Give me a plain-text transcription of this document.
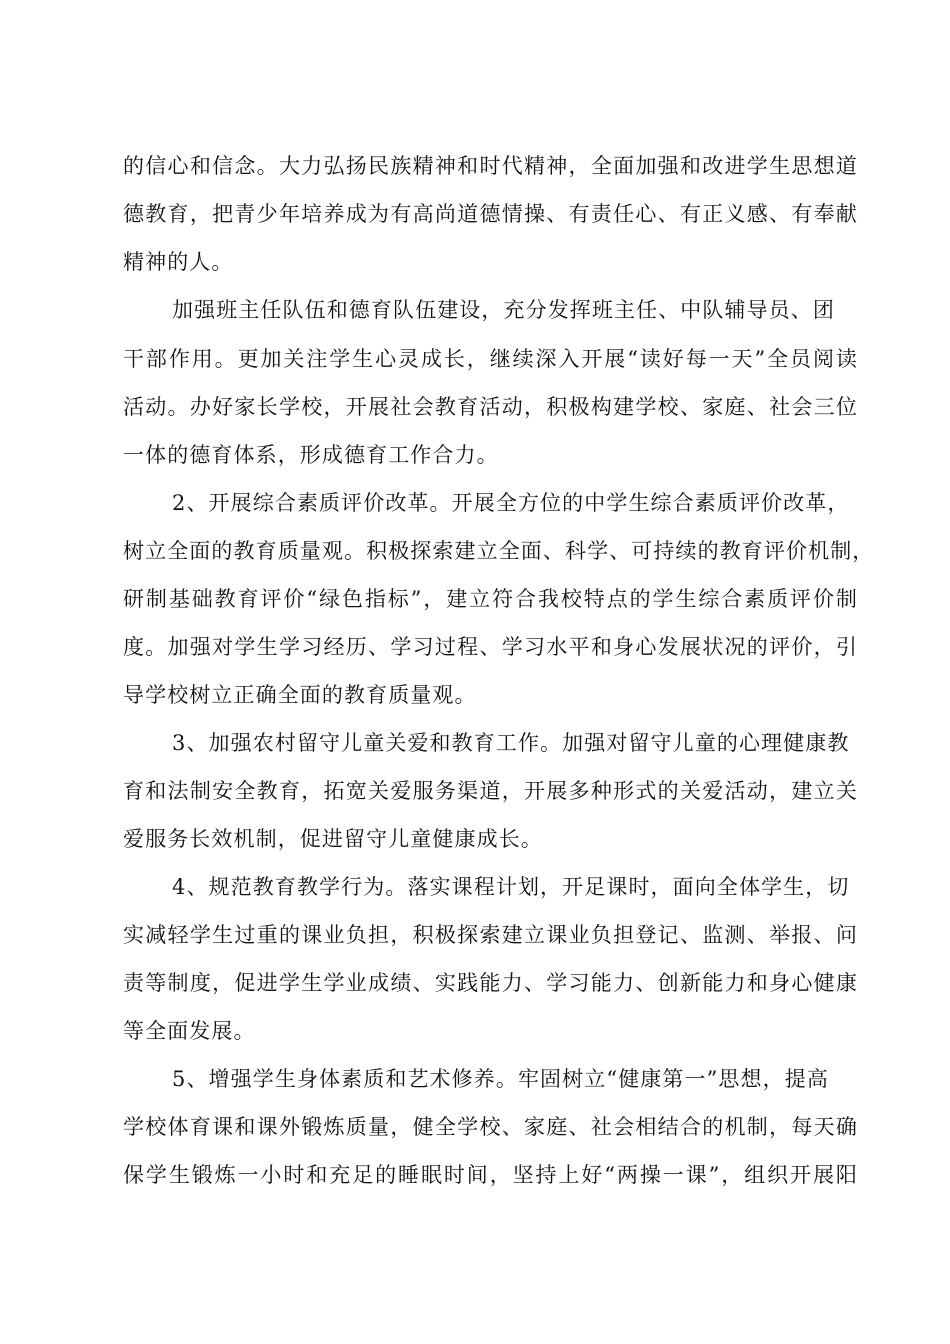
的信心和信念。大力弘扬民族精神和时代精神，全面加强和改进学生思想道
德教育，把青少年培养成为有高尚道德情操、有责任心、有正义感、有奉献
精神的人。
加强班主任队伍和德育队伍建设，充分发挥班主任、中队辅导员、团
干部作用。更加关注学生心灵成长，继续深入开展“读好每一天”全员阅读
活动。办好家长学校，开展社会教育活动，积极构建学校、家庭、社会三位
一体的德育体系，形成德育工作合力。
2、开展综合素质评价改革。开展全方位的中学生综合素质评价改革，
树立全面的教育质量观。积极探索建立全面、科学、可持续的教育评价机制，
研制基础教育评价“绿色指标”，建立符合我校特点的学生综合素质评价制
度。加强对学生学习经历、学习过程、学习水平和身心发展状况的评价，引
导学校树立正确全面的教育质量观。
3、加强农村留守儿童关爱和教育工作。加强对留守儿童的心理健康教
育和法制安全教育，拓宽关爱服务渠道，开展多种形式的关爱活动，建立关
爱服务长效机制，促进留守儿童健康成长。
4、规范教育教学行为。落实课程计划，开足课时，面向全体学生，切
实减轻学生过重的课业负担，积极探索建立课业负担登记、监测、举报、问
责等制度，促进学生学业成绩、实践能力、学习能力、创新能力和身心健康
等全面发展。
5、增强学生身体素质和艺术修养。牢固树立“健康第一”思想，提高
学校体育课和课外锻炼质量，健全学校、家庭、社会相结合的机制，每天确
保学生锻炼一小时和充足的睡眠时间，坚持上好“两操一课”，组织开展阳
